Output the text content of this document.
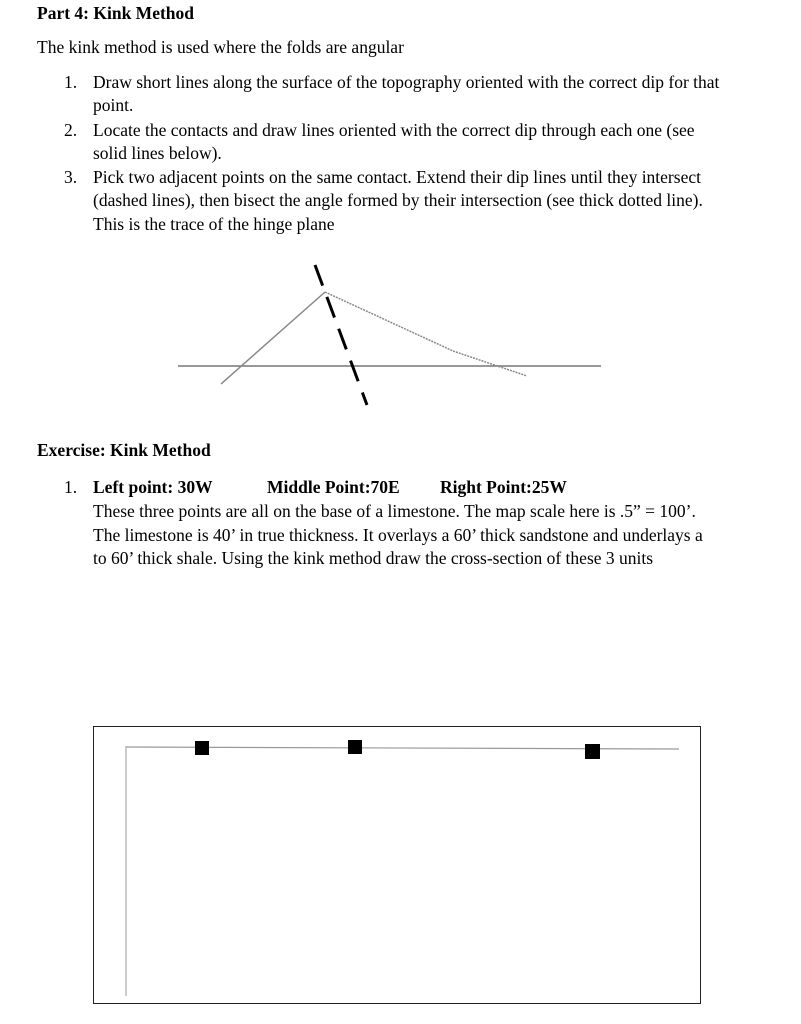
Part 4: Kink Method
The kink method is used where the folds are angular
1. Draw short lines along the surface of the topography oriented with the correct dip for that
point.
2. Locate the contacts and draw lines oriented with the correct dip through each one (see
solid lines below).
3. Pick two adjacent points on the same contact. Extend their dip lines until they intersect
(dashed lines), then bisect the angle formed by their intersection (see thick dotted line).
This is the trace of the hinge plane
Exercise: Kink Method
1. Left point: 30W	Middle Point:70E Right Point:25W
These three points are all on the base of a limestone. The map scale here is .5” = 100’.
The limestone is 40’ in true thickness. It overlays a 60’ thick sandstone and underlays a
to 60’ thick shale. Using the kink method draw the cross-section of these 3 units
